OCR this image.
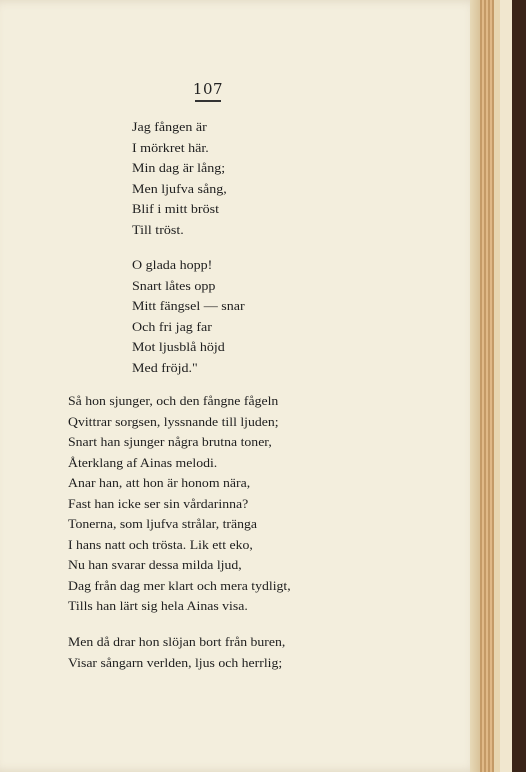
107
Jag fången är
I mörkret här.
Min dag är lång;
Men ljufva sång,
Blif i mitt bröst
Till tröst.
O glada hopp!
Snart låtes opp
Mitt fängsel — snar
Och fri jag far
Mot ljusblå höjd
Med fröjd."
Så hon sjunger, och den fångne fågeln
Qvittrar sorgsen, lyssnande till ljuden;
Snart han sjunger några brutna toner,
Återklang af Ainas melodi.
Anar han, att hon är honom nära,
Fast han icke ser sin vårdarinna?
Tonerna, som ljufva strålar, tränga
I hans natt och trösta. Lik ett eko,
Nu han svarar dessa milda ljud,
Dag från dag mer klart och mera tydligt,
Tills han lärt sig hela Ainas visa.
Men då drar hon slöjan bort från buren,
Visar sångarn verlden, ljus och herrlig;
